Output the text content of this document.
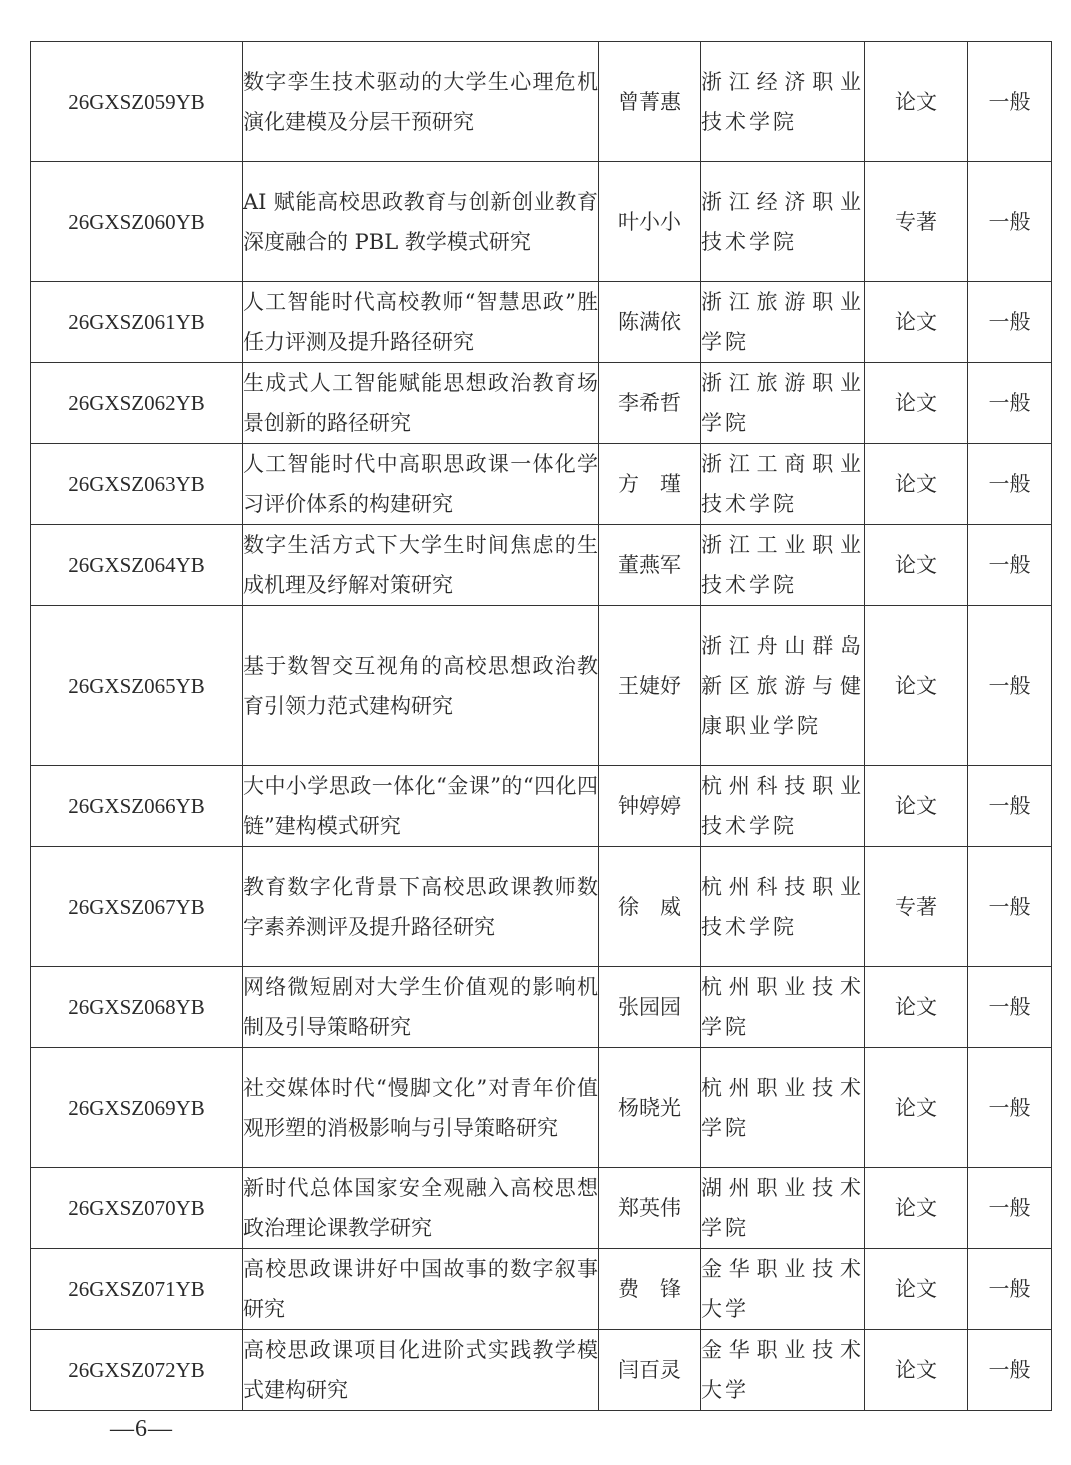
26GXSZ059YB	数字孪生技术驱动的大学生心理危机演化建模及分层干预研究	曾菁惠	浙江经济职业技术学院	论文	一般
26GXSZ060YB	AI 赋能高校思政教育与创新创业教育深度融合的 PBL 教学模式研究	叶小小	浙江经济职业技术学院	专著	一般
26GXSZ061YB	人工智能时代高校教师“智慧思政”胜任力评测及提升路径研究	陈满依	浙江旅游职业学院	论文	一般
26GXSZ062YB	生成式人工智能赋能思想政治教育场景创新的路径研究	李希哲	浙江旅游职业学院	论文	一般
26GXSZ063YB	人工智能时代中高职思政课一体化学习评价体系的构建研究	方　瑾	浙江工商职业技术学院	论文	一般
26GXSZ064YB	数字生活方式下大学生时间焦虑的生成机理及纾解对策研究	董燕军	浙江工业职业技术学院	论文	一般
26GXSZ065YB	基于数智交互视角的高校思想政治教育引领力范式建构研究	王婕妤	浙江舟山群岛新区旅游与健康职业学院	论文	一般
26GXSZ066YB	大中小学思政一体化“金课”的“四化四链”建构模式研究	钟婷婷	杭州科技职业技术学院	论文	一般
26GXSZ067YB	教育数字化背景下高校思政课教师数字素养测评及提升路径研究	徐　威	杭州科技职业技术学院	专著	一般
26GXSZ068YB	网络微短剧对大学生价值观的影响机制及引导策略研究	张园园	杭州职业技术学院	论文	一般
26GXSZ069YB	社交媒体时代“慢脚文化”对青年价值观形塑的消极影响与引导策略研究	杨晓光	杭州职业技术学院	论文	一般
26GXSZ070YB	新时代总体国家安全观融入高校思想政治理论课教学研究	郑英伟	湖州职业技术学院	论文	一般
26GXSZ071YB	高校思政课讲好中国故事的数字叙事研究	费　锋	金华职业技术大学	论文	一般
26GXSZ072YB	高校思政课项目化进阶式实践教学模式建构研究	闫百灵	金华职业技术大学	论文	一般
—6—
